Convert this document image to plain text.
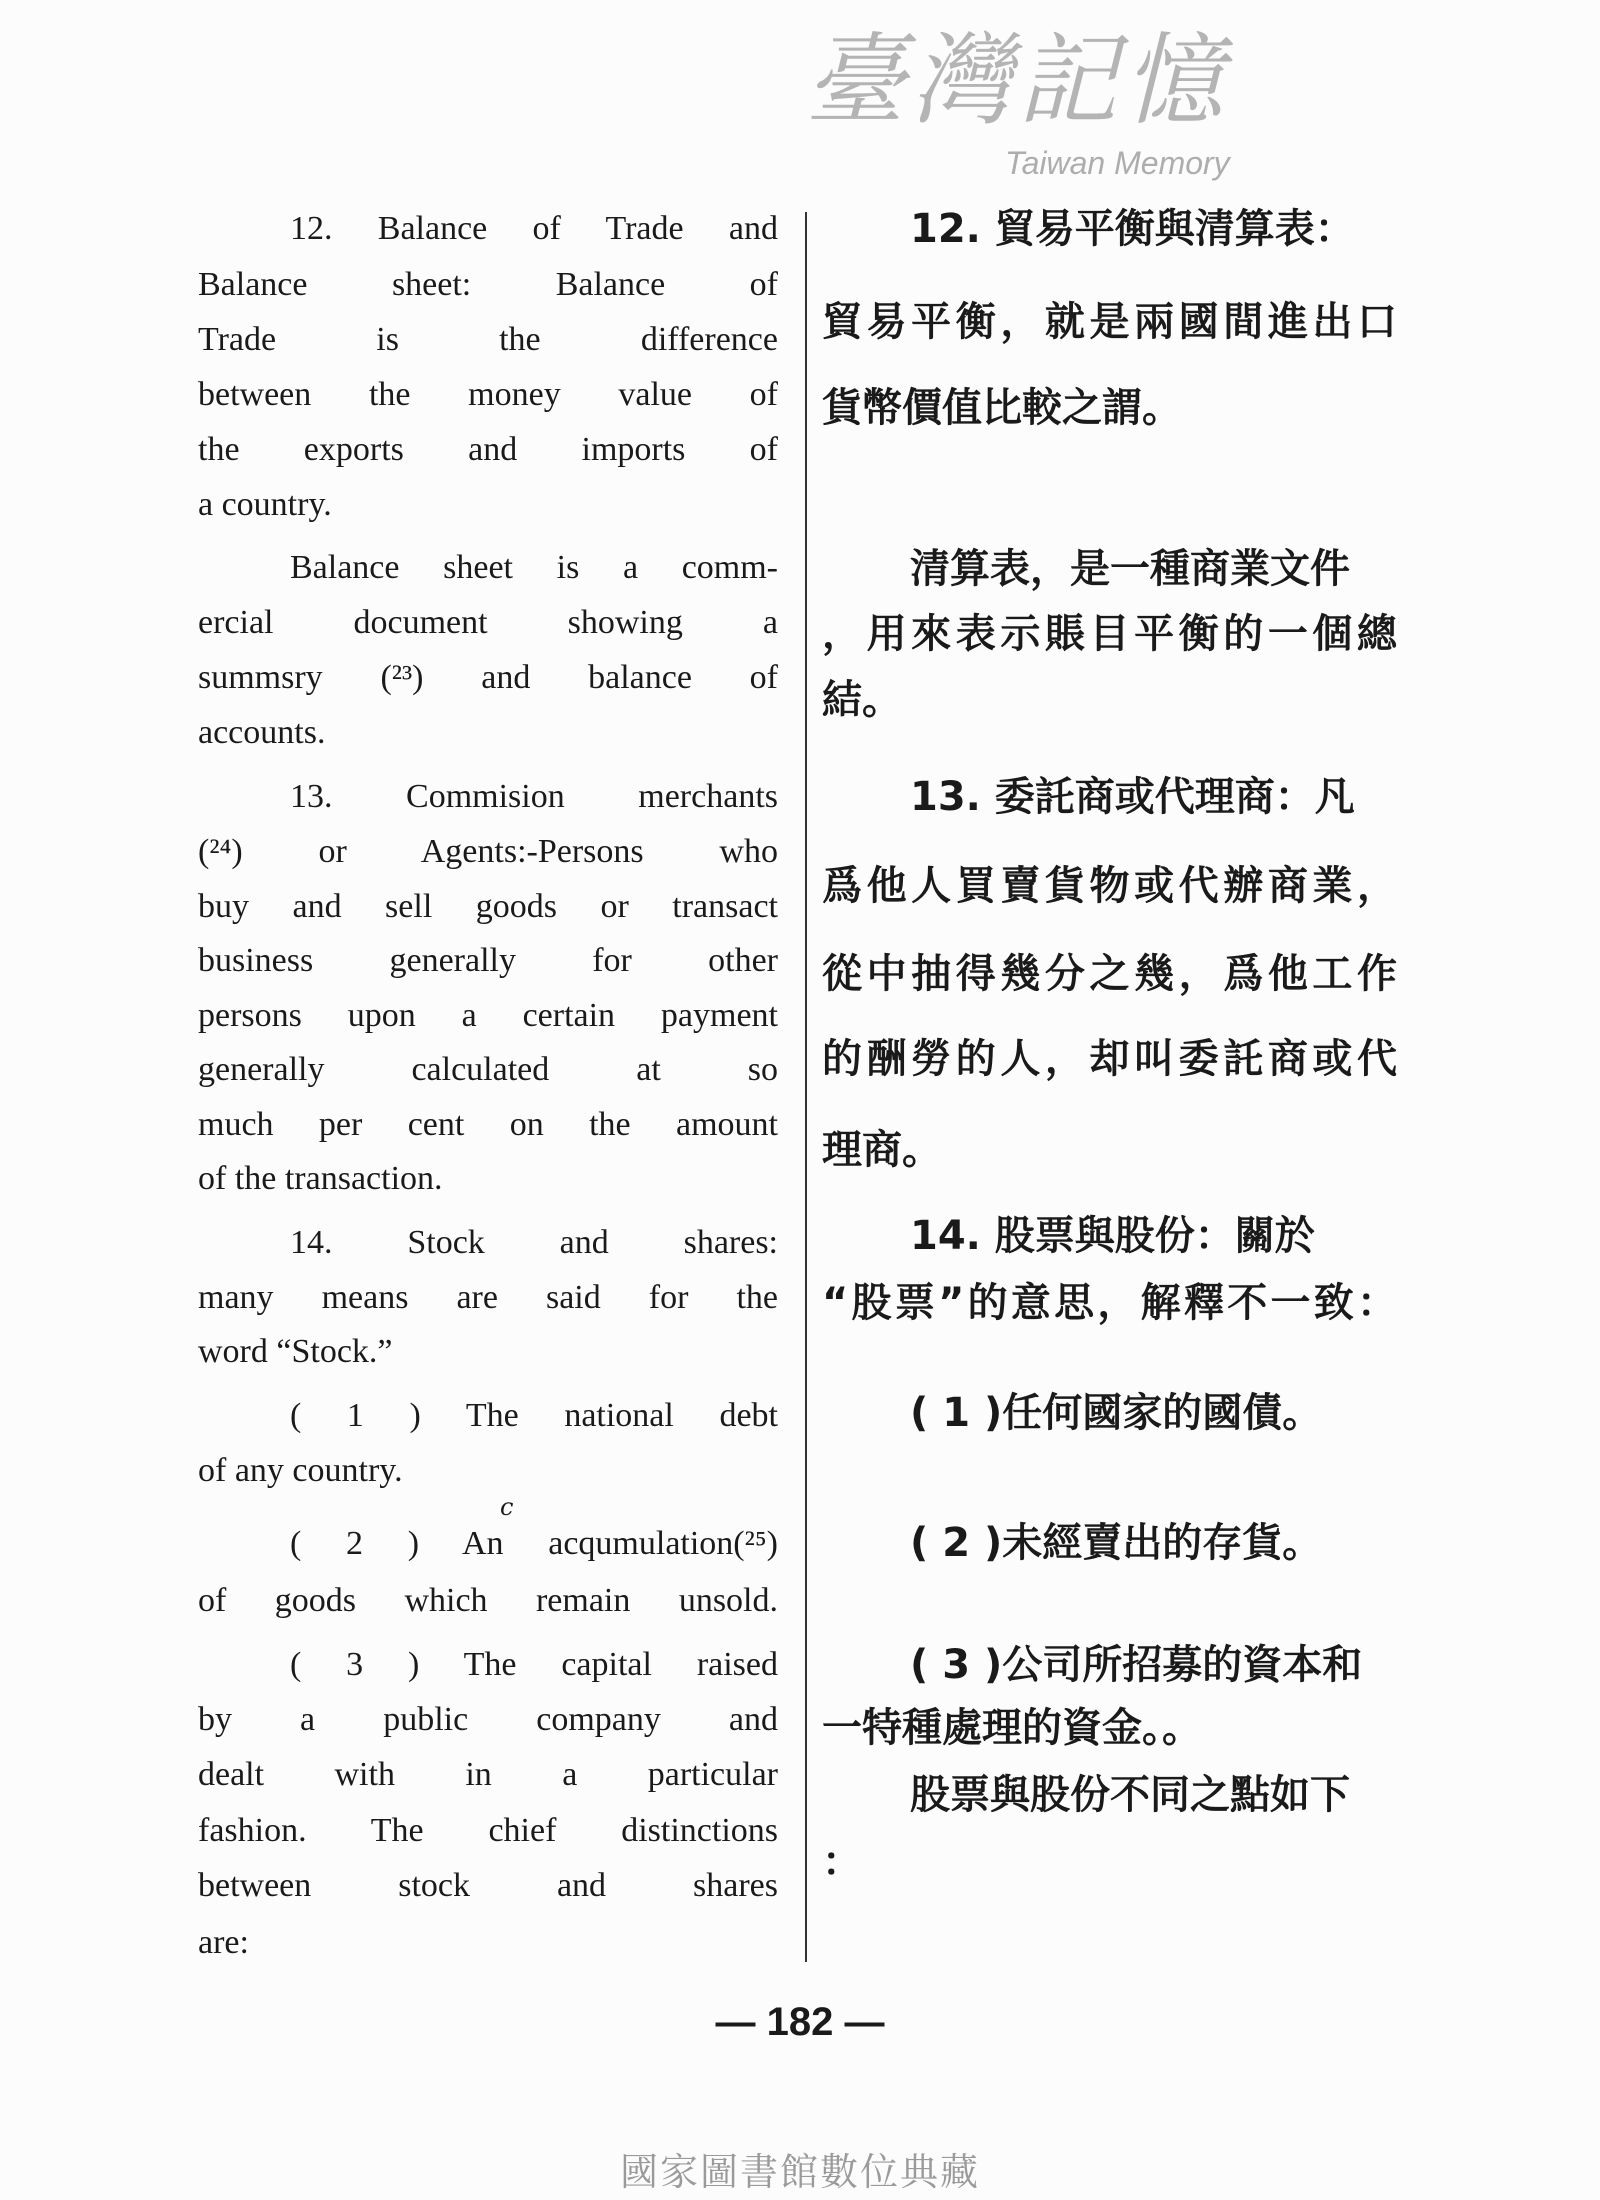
臺灣記憶
Taiwan Memory
12. Balance of Trade and
Balance sheet: Balance of
Trade is the difference
between the money value of
the exports and imports of
a country.
Balance sheet is a comm-
ercial document showing a
summsry (²³) and balance of
accounts.
13. Commision merchants
(²⁴) or Agents:-Persons who
buy and sell goods or transact
business generally for other
persons upon a certain payment
generally calculated at so
much per cent on the amount
of the transaction.
14. Stock and shares:
many means are said for the
word “Stock.”
( 1 ) The national debt
of any country.
( 2 ) An acqumulation(²⁵)
of goods which remain unsold.
( 3 ) The capital raised
by a public company and
dealt with in a particular
fashion. The chief distinctions
between stock and shares
are:
12. 貿易平衡與清算表：
貿易平衡，就是兩國間進出口
貨幣價值比較之謂。
清算表，是一種商業文件
，用來表示賬目平衡的一個總
結。
13. 委託商或代理商：凡
爲他人買賣貨物或代辦商業，
從中抽得幾分之幾，爲他工作
的酬勞的人，却叫委託商或代
理商。
14. 股票與股份：關於
“股票”的意思，解釋不一致：
( 1 )任何國家的國債。
( 2 )未經賣出的存貨。
( 3 )公司所招募的資本和
一特種處理的資金。。
股票與股份不同之點如下
：
c
— 182 —
國家圖書館數位典藏
